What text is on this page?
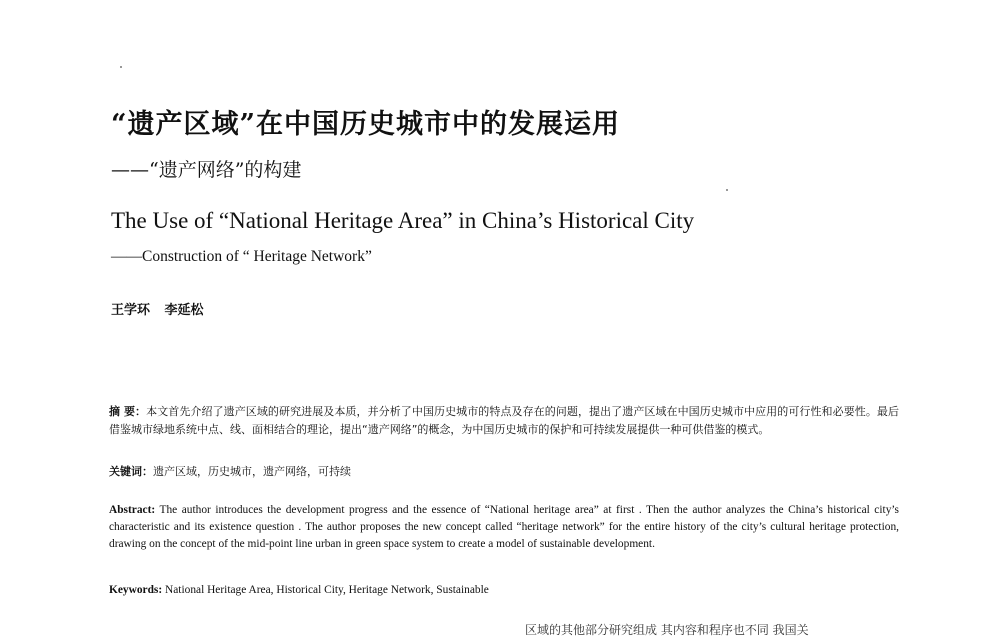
“遗产区域”在中国历史城市中的发展运用
——“遗产网络”的构建
The Use of “National Heritage Area” in China’s Historical City
——Construction of “ Heritage Network”
王学环 李延松
摘 要：本文首先介绍了遗产区域的研究进展及本质，并分析了中国历史城市的特点及存在的问题，提出了遗产区域在中国历史城市中应用的可行性和必要性。最后借鉴城市绿地系统中点、线、面相结合的理论，提出“遗产网络”的概念，为中国历史城市的保护和可持续发展提供一种可供借鉴的模式。
关键词：遗产区域，历史城市，遗产网络，可持续
Abstract: The author introduces the development progress and the essence of “National heritage area” at first . Then the author analyzes the China’s historical city’s characteristic and its existence question . The author proposes the new concept called “heritage network” for the entire history of the city’s cultural heritage protection, drawing on the concept of the mid-point line urban in green space system to create a model of sustainable development.
Keywords: National Heritage Area, Historical City, Heritage Network, Sustainable
区域的其他部分研究组成 其内容和程序也不同 我国关
